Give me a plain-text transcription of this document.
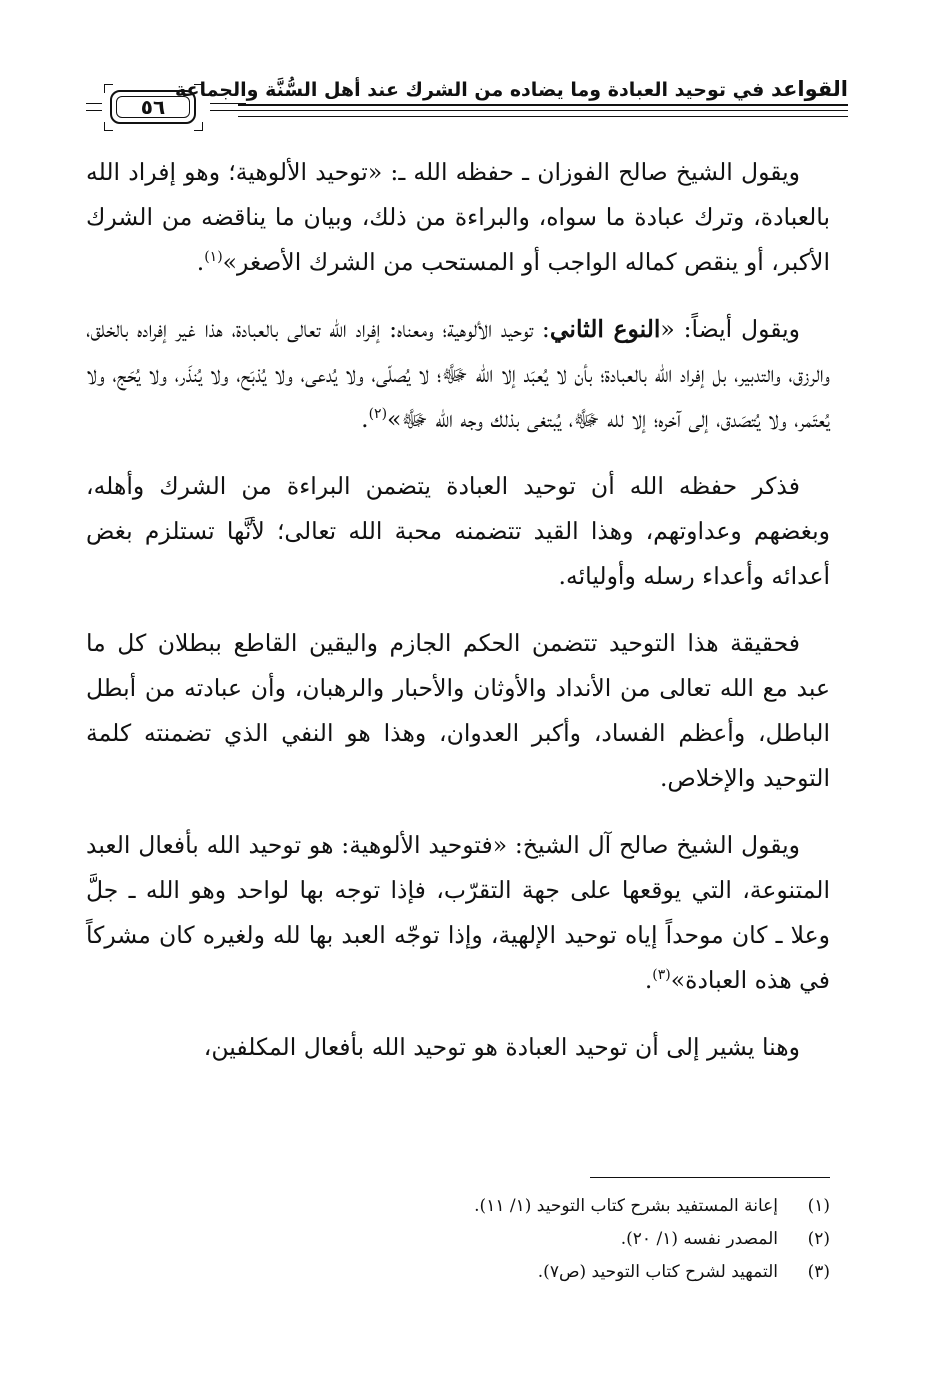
القواعد في توحيد العبادة وما يضاده من الشرك عند أهل السُّنَّة والجماعة
٥٦

ويقول الشيخ صالح الفوزان ـ حفظه الله ـ: «توحيد الألوهية؛ وهو إفراد الله بالعبادة، وترك عبادة ما سواه، والبراءة من ذلك، وبيان ما يناقضه من الشرك الأكبر، أو ينقص كماله الواجب أو المستحب من الشرك الأصغر»$^{(١)}$.

ويقول أيضاً: «النوع الثاني: توحيد الألوهية؛ ومعناه: إفراد الله تعالى بالعبادة، هذا غير إفراده بالخلق، والرزق، والتدبير، بل إفراد الله بالعبادة؛ بأن لا يُعبَد إلا الله ﷻ؛ لا يُصلّى، ولا يُدعى، ولا يُذبَح، ولا يُنذَر، ولا يُحَج، ولا يُعتَمر، ولا يُتصَدق، إلى آخره؛ إلا لله ﷻ، يُبتغى بذلك وجه الله ﷻ»$^{(٢)}$.

فذكر حفظه الله أن توحيد العبادة يتضمن البراءة من الشرك وأهله، وبغضهم وعداوتهم، وهذا القيد تتضمنه محبة الله تعالى؛ لأنَّها تستلزم بغض أعدائه وأعداء رسله وأوليائه.

فحقيقة هذا التوحيد تتضمن الحكم الجازم واليقين القاطع ببطلان كل ما عبد مع الله تعالى من الأنداد والأوثان والأحبار والرهبان، وأن عبادته من أبطل الباطل، وأعظم الفساد، وأكبر العدوان، وهذا هو النفي الذي تضمنته كلمة التوحيد والإخلاص.

ويقول الشيخ صالح آل الشيخ: «فتوحيد الألوهية: هو توحيد الله بأفعال العبد المتنوعة، التي يوقعها على جهة التقرّب، فإذا توجه بها لواحد وهو الله ـ جلَّ وعلا ـ كان موحداً إياه توحيد الإلهية، وإذا توجّه العبد بها لله ولغيره كان مشركاً في هذه العبادة»$^{(٣)}$.

وهنا يشير إلى أن توحيد العبادة هو توحيد الله بأفعال المكلفين،

(١)
إعانة المستفيد بشرح كتاب التوحيد (١/ ١١).
(٢)
المصدر نفسه (١/ ٢٠).
(٣)
التمهيد لشرح كتاب التوحيد (ص٧).
